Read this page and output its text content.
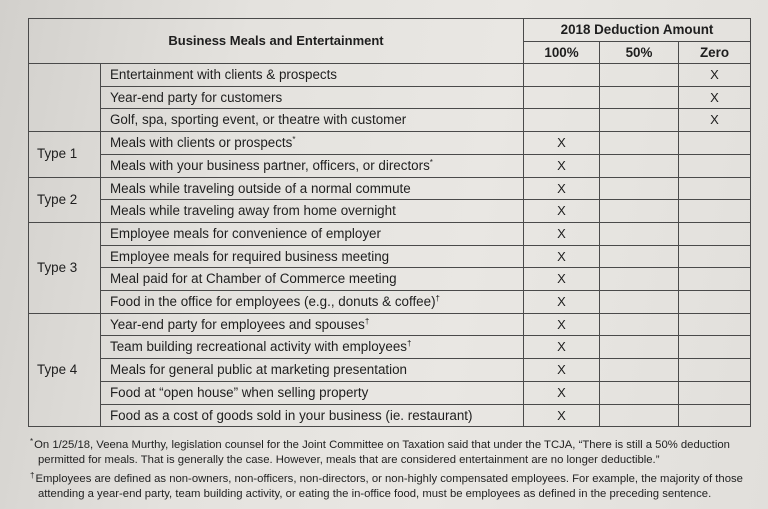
Business Meals and Entertainment		2018 Deduction Amount		
		100%	50%	Zero
	Entertainment with clients & prospects			X
	Year-end party for customers			X
	Golf, spa, sporting event, or theatre with customer			X
Type 1	Meals with clients or prospects*	X		
	Meals with your business partner, officers, or directors*	X		
Type 2	Meals while traveling outside of a normal commute	X		
	Meals while traveling away from home overnight	X		
Type 3	Employee meals for convenience of employer	X		
	Employee meals for required business meeting	X		
	Meal paid for at Chamber of Commerce meeting	X		
	Food in the office for employees (e.g., donuts & coffee)†	X		
Type 4	Year-end party for employees and spouses†	X		
	Team building recreational activity with employees†	X		
	Meals for general public at marketing presentation	X		
	Food at “open house” when selling property	X		
	Food as a cost of goods sold in your business (ie. restaurant)	X		

*On 1/25/18, Veena Murthy, legislation counsel for the Joint Committee on Taxation said that under the TCJA, “There is still a 50% deduction
permitted for meals. That is generally the case. However, meals that are considered entertainment are no longer deductible.”

†Employees are defined as non-owners, non-officers, non-directors, or non-highly compensated employees. For example, the majority of those
attending a year-end party, team building activity, or eating the in-office food, must be employees as defined in the preceding sentence.
